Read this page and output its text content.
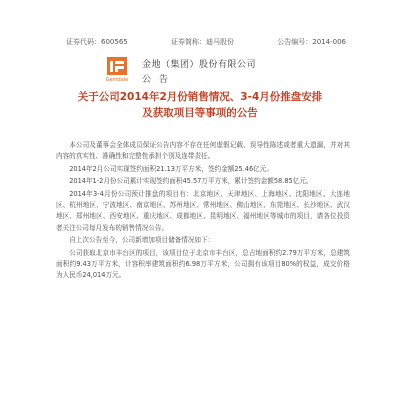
证券代码：600565	证券简称：迪马股份	公告编号：2014-006
Gemdale
金地（集团）股份有限公司
公告
关于公司2014年2月份销售情况、3-4月份推盘安排
及获取项目等事项的公告

本公司及董事会全体成员保证公告内容不存在任何虚假记载、误导性陈述或者重大遗漏，并对其内容的真实性、准确性和完整性承担个别及连带责任。

2014年2月公司实现签约面积21.13万平方米，签约金额25.46亿元。

2014年1-2月份公司累计实现签约面积45.57万平方米，累计签约金额58.85亿元。

2014年3-4月份公司预计推盘的项目有：北京地区、天津地区、上海地区、沈阳地区、大连地区、杭州地区、宁波地区、南京地区、苏州地区、常州地区、佛山地区、东莞地区、长沙地区、武汉地区、郑州地区、西安地区、重庆地区、成都地区、昆明地区、福州地区等城市的项目，请各位投资者关注公司每月发布的销售情况公告。

自上次公告至今，公司新增加项目储备情况如下：

公司获取北京市丰台区的项目，该项目位于北京市丰台区，总占地面积约2.79万平方米，总建筑面积约9.43万平方米，计容积率建筑面积约6.98万平方米，公司拥有该项目80%的权益，成交价格为人民币24,014万元。
